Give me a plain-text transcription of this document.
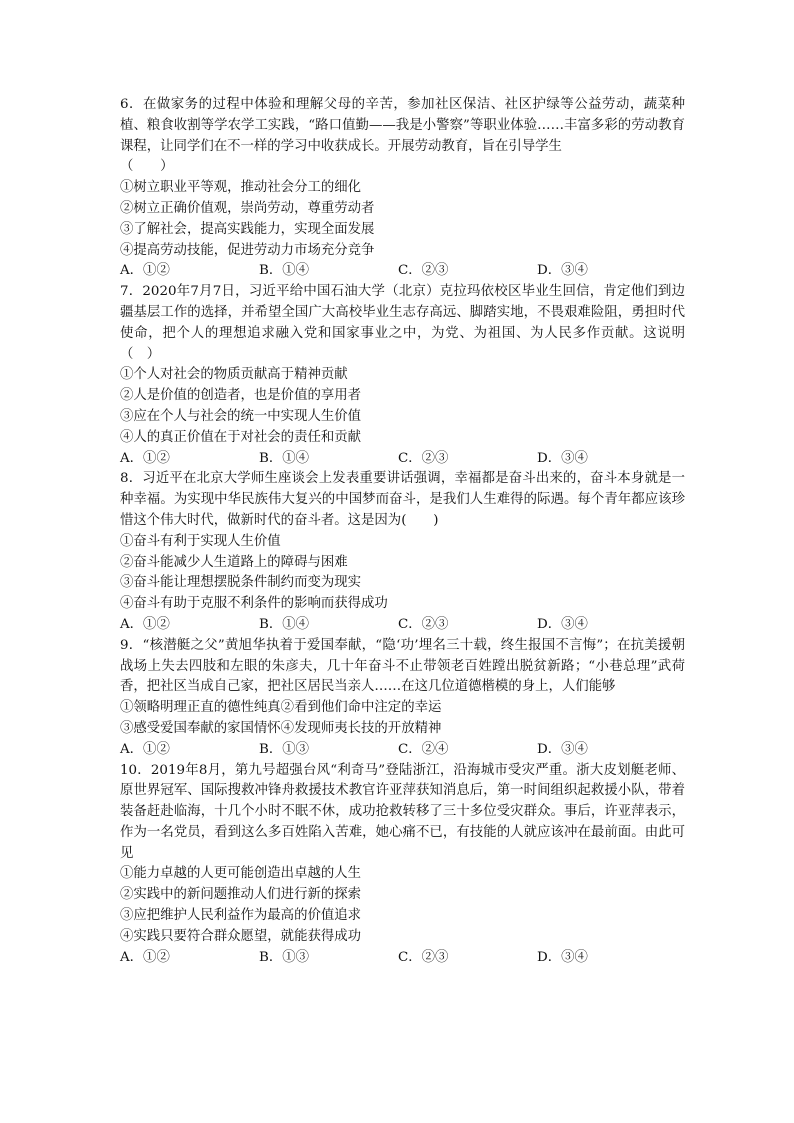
6．在做家务的过程中体验和理解父母的辛苦，参加社区保洁、社区护绿等公益劳动，蔬菜种植、粮食收割等学农学工实践，“路口值勤——我是小警察”等职业体验……丰富多彩的劳动教育课程，让同学们在不一样的学习中收获成长。开展劳动教育，旨在引导学生

（　　）

①树立职业平等观，推动社会分工的细化

②树立正确价值观，崇尚劳动，尊重劳动者

③了解社会，提高实践能力，实现全面发展

④提高劳动技能，促进劳动力市场充分竞争

A．①②	B．①④	C．②③	D．③④

7．2020年7月7日，习近平给中国石油大学（北京）克拉玛依校区毕业生回信，肯定他们到边疆基层工作的选择，并希望全国广大高校毕业生志存高远、脚踏实地，不畏艰难险阻，勇担时代使命，把个人的理想追求融入党和国家事业之中，为党、为祖国、为人民多作贡献。这说明（　）

①个人对社会的物质贡献高于精神贡献

②人是价值的创造者，也是价值的享用者

③应在个人与社会的统一中实现人生价值

④人的真正价值在于对社会的责任和贡献

A．①②	B．①④	C．②③	D．③④

8．习近平在北京大学师生座谈会上发表重要讲话强调，幸福都是奋斗出来的，奋斗本身就是一种幸福。为实现中华民族伟大复兴的中国梦而奋斗，是我们人生难得的际遇。每个青年都应该珍惜这个伟大时代，做新时代的奋斗者。这是因为(　　)

①奋斗有利于实现人生价值

②奋斗能减少人生道路上的障碍与困难

③奋斗能让理想摆脱条件制约而变为现实

④奋斗有助于克服不利条件的影响而获得成功

A．①②	B．①④	C．②③	D．③④

9．“核潜艇之父”黄旭华执着于爱国奉献，“隐‘功’埋名三十载，终生报国不言悔”；在抗美援朝战场上失去四肢和左眼的朱彦夫，几十年奋斗不止带领老百姓蹚出脱贫新路；“小巷总理”武荷香，把社区当成自己家，把社区居民当亲人……在这几位道德楷模的身上，人们能够

①领略明理正直的德性纯真②看到他们命中注定的幸运

③感受爱国奉献的家国情怀④发现师夷长技的开放精神

A．①②	B．①③	C．②④	D．③④

10．2019年8月，第九号超强台风“利奇马”登陆浙江，沿海城市受灾严重。浙大皮划艇老师、原世界冠军、国际搜救冲锋舟救援技术教官许亚萍获知消息后，第一时间组织起救援小队，带着装备赶赴临海，十几个小时不眠不休，成功抢救转移了三十多位受灾群众。事后，许亚萍表示，作为一名党员，看到这么多百姓陷入苦难，她心痛不已，有技能的人就应该冲在最前面。由此可见

①能力卓越的人更可能创造出卓越的人生

②实践中的新问题推动人们进行新的探索

③应把维护人民利益作为最高的价值追求

④实践只要符合群众愿望，就能获得成功

A．①②	B．①③	C．②③	D．③④
